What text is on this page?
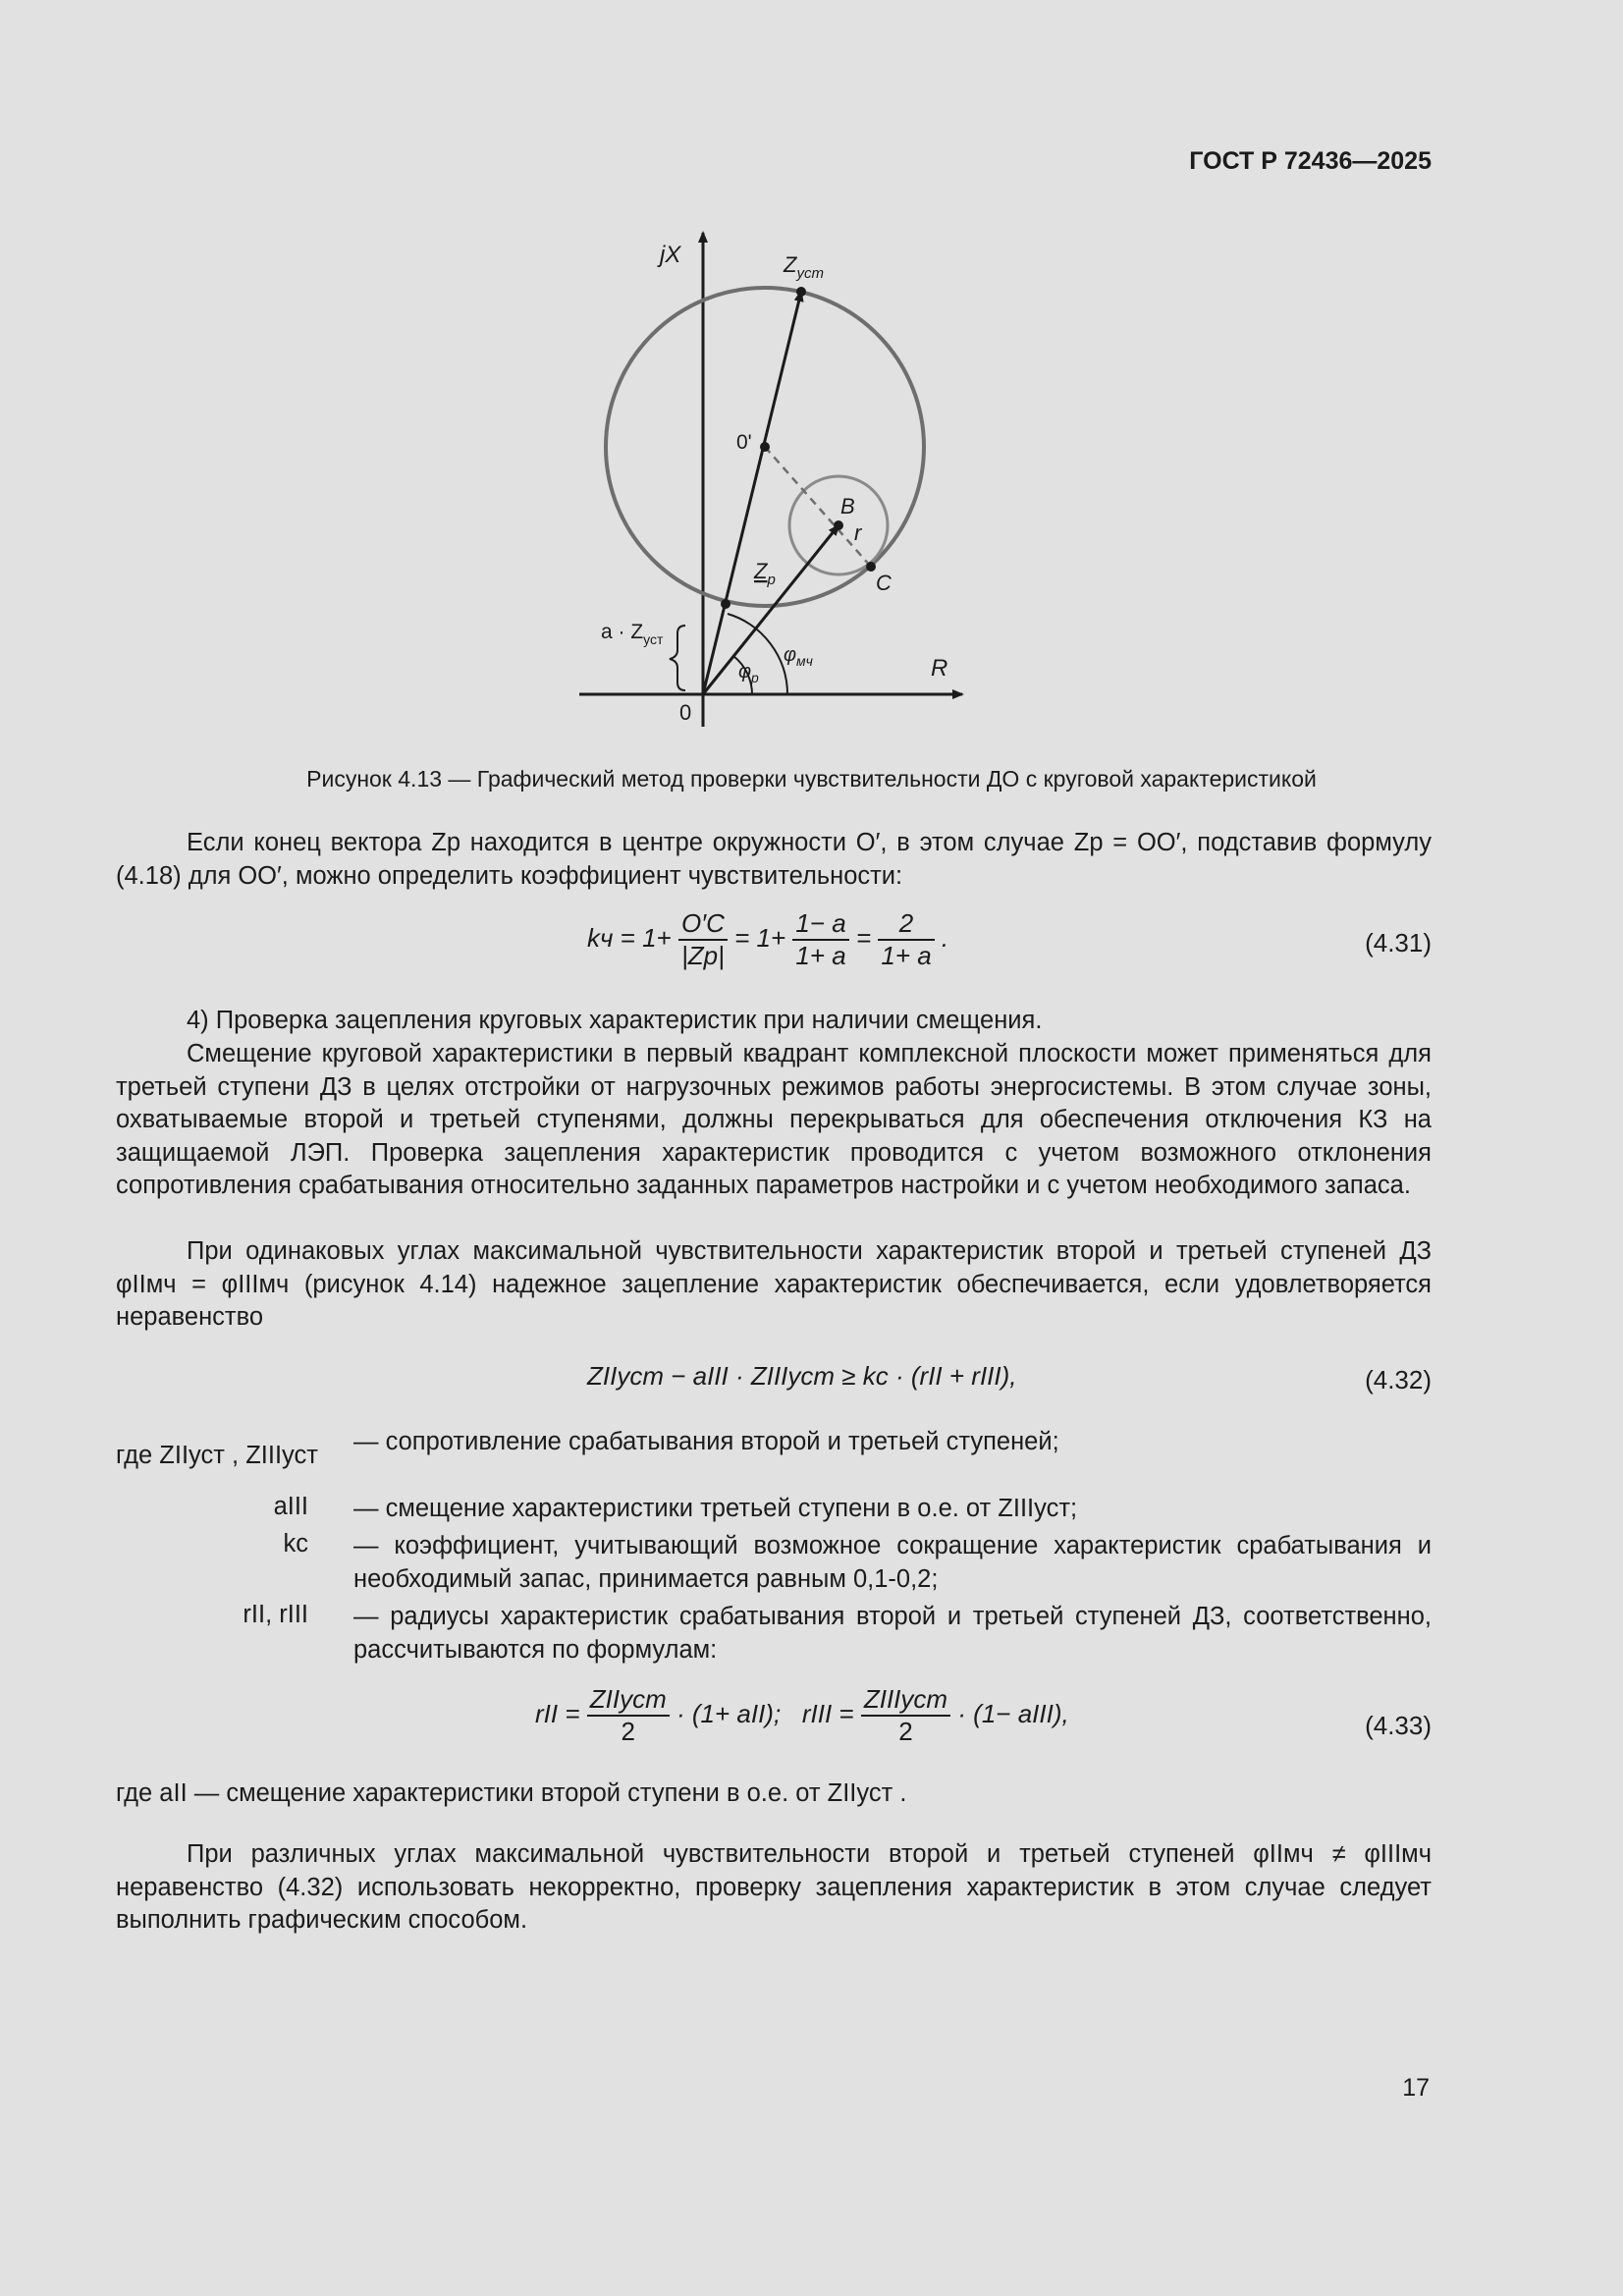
ГОСТ Р 72436—2025
jX	$Z_{уст}$
0'
B
r
$Z_р$	C
$a \cdot Z_{уст}$
$\varphi_р$
$\varphi_{мч}$	R
0
Рисунок 4.13 — Графический метод проверки чувствительности ДО с круговой характеристикой
Если конец вектора Zр находится в центре окружности O′, в этом случае Zр = OO′, подставив формулу (4.18) для OO′, можно определить коэффициент чувствительности:
kч = $1+ \frac{O'C}{|Zр|} = 1+ \frac{1- a}{1+ a} = \frac{2}{1+ a}$ .	(4.31)
4) Проверка зацепления круговых характеристик при наличии смещения.
Смещение круговой характеристики в первый квадрант комплексной плоскости может применяться для третьей ступени ДЗ в целях отстройки от нагрузочных режимов работы энергосистемы. В этом случае зоны, охватываемые второй и третьей ступенями, должны перекрываться для обеспечения отключения КЗ на защищаемой ЛЭП. Проверка зацепления характеристик проводится с учетом возможного отклонения сопротивления срабатывания относительно заданных параметров настройки и с учетом необходимого запаса.
При одинаковых углах максимальной чувствительности характеристик второй и третьей ступеней ДЗ φIIмч = φIIIмч (рисунок 4.14) надежное зацепление характеристик обеспечивается, если удовлетворяется неравенство
ZIIуст − aIII · ZIIIуст ≥ kс · (rII + rIII),	(4.32)
где ZIIуст , ZIIIуст	— сопротивление срабатывания второй и третьей ступеней;
aIII — смещение характеристики третьей ступени в о.е. от ZIIIуст;
kс — коэффициент, учитывающий возможное сокращение характеристик срабатывания и необходимый запас, принимается равным 0,1-0,2;
rII, rIII — радиусы характеристик срабатывания второй и третьей ступеней ДЗ, соответственно, рассчитываются по формулам:
rII = $\frac{\text{ZIIуст}}{2} \cdot (1+ aII)$; rIII = $\frac{\text{ZIIIуст}}{2} \cdot (1-$ aIII),	(4.33)
где aII — смещение характеристики второй ступени в о.е. от ZIIуст .
При различных углах максимальной чувствительности второй и третьей ступеней φIIмч ≠ φIIIмч неравенство (4.32) использовать некорректно, проверку зацепления характеристик в этом случае следует выполнить графическим способом.
17
